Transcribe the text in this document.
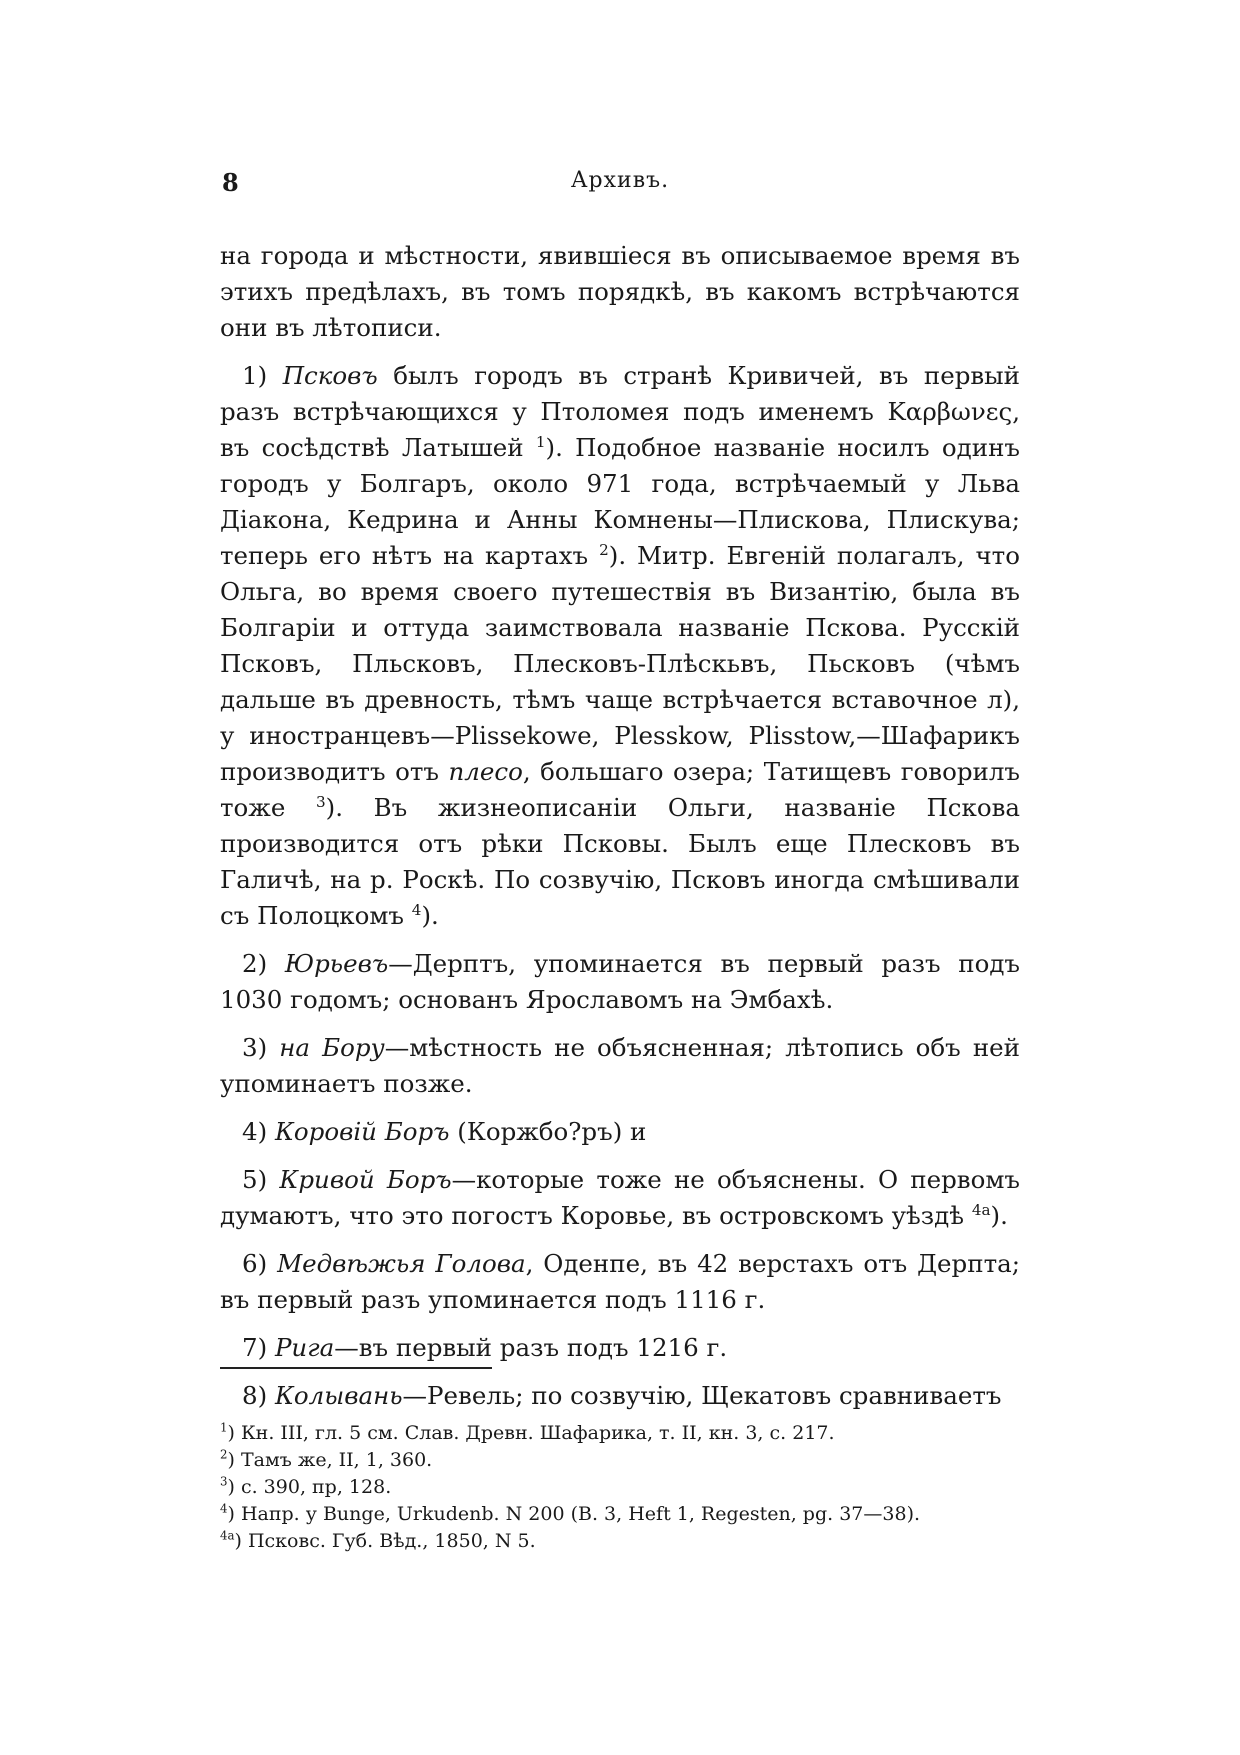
8	Архивъ.

на города и мѣстности, явившіеся въ описываемое время въ этихъ предѣлахъ, въ томъ порядкѣ, въ какомъ встрѣчаются они въ лѣтописи.

1) Псковъ былъ городъ въ странѣ Кривичей, въ первый разъ встрѣчающихся у Птоломея подъ именемъ Καρβωνες, въ сосѣдствѣ Латышей $^1$). Подобное названіе носилъ одинъ городъ у Болгаръ, около 971 года, встрѣчаемый у Льва Діакона, Кедрина и Анны Комнены—Плискова, Плискува; теперь его нѣтъ на картахъ $^2$). Митр. Евгеній полагалъ, что Ольга, во время своего путешествія въ Византію, была въ Болгаріи и оттуда заимствовала названіе Пскова. Русскій Псковъ, Пльсковъ, Плесковъ-Плѣскьвъ, Пьсковъ (чѣмъ дальше въ древность, тѣмъ чаще встрѣчается вставочное л), у иностранцевъ—Plissekowe, Plesskow, Plisstow,—Шафарикъ производитъ отъ плесо, большаго озера; Татищевъ говорилъ тоже $^3$). Въ жизнеописаніи Ольги, названіе Пскова производится отъ рѣки Псковы. Былъ еще Плесковъ въ Галичѣ, на р. Роскѣ. По созвучію, Псковъ иногда смѣшивали съ Полоцкомъ $^4$).

2) Юрьевъ—Дерптъ, упоминается въ первый разъ подъ 1030 годомъ; основанъ Ярославомъ на Эмбахѣ.

3) на Бору—мѣстность не объясненная; лѣтопись объ ней упоминаетъ позже.

4) Коровій Боръ (Коржбо?ръ) и

5) Кривой Боръ—которые тоже не объяснены. О первомъ думаютъ, что это погостъ Коровье, въ островскомъ уѣздѣ $^{4а}$).

6) Медвѣжья Голова, Оденпе, въ 42 верстахъ отъ Дерпта; въ первый разъ упоминается подъ 1116 г.

7) Рига—въ первый разъ подъ 1216 г.

8) Колывань—Ревель; по созвучію, Щекатовъ сравниваетъ

$^1$) Кн. III, гл. 5 см. Слав. Древн. Шафарика, т. II, кн. 3, с. 217.
$^2$) Тамъ же, II, 1, 360.
$^3$) с. 390, пр, 128.
$^4$) Напр. у Bunge, Urkudenb. N 200 (В. 3, Heft 1, Regesten, pg. 37—38).
$^{4а}$) Псковс. Губ. Вѣд., 1850, N 5.
